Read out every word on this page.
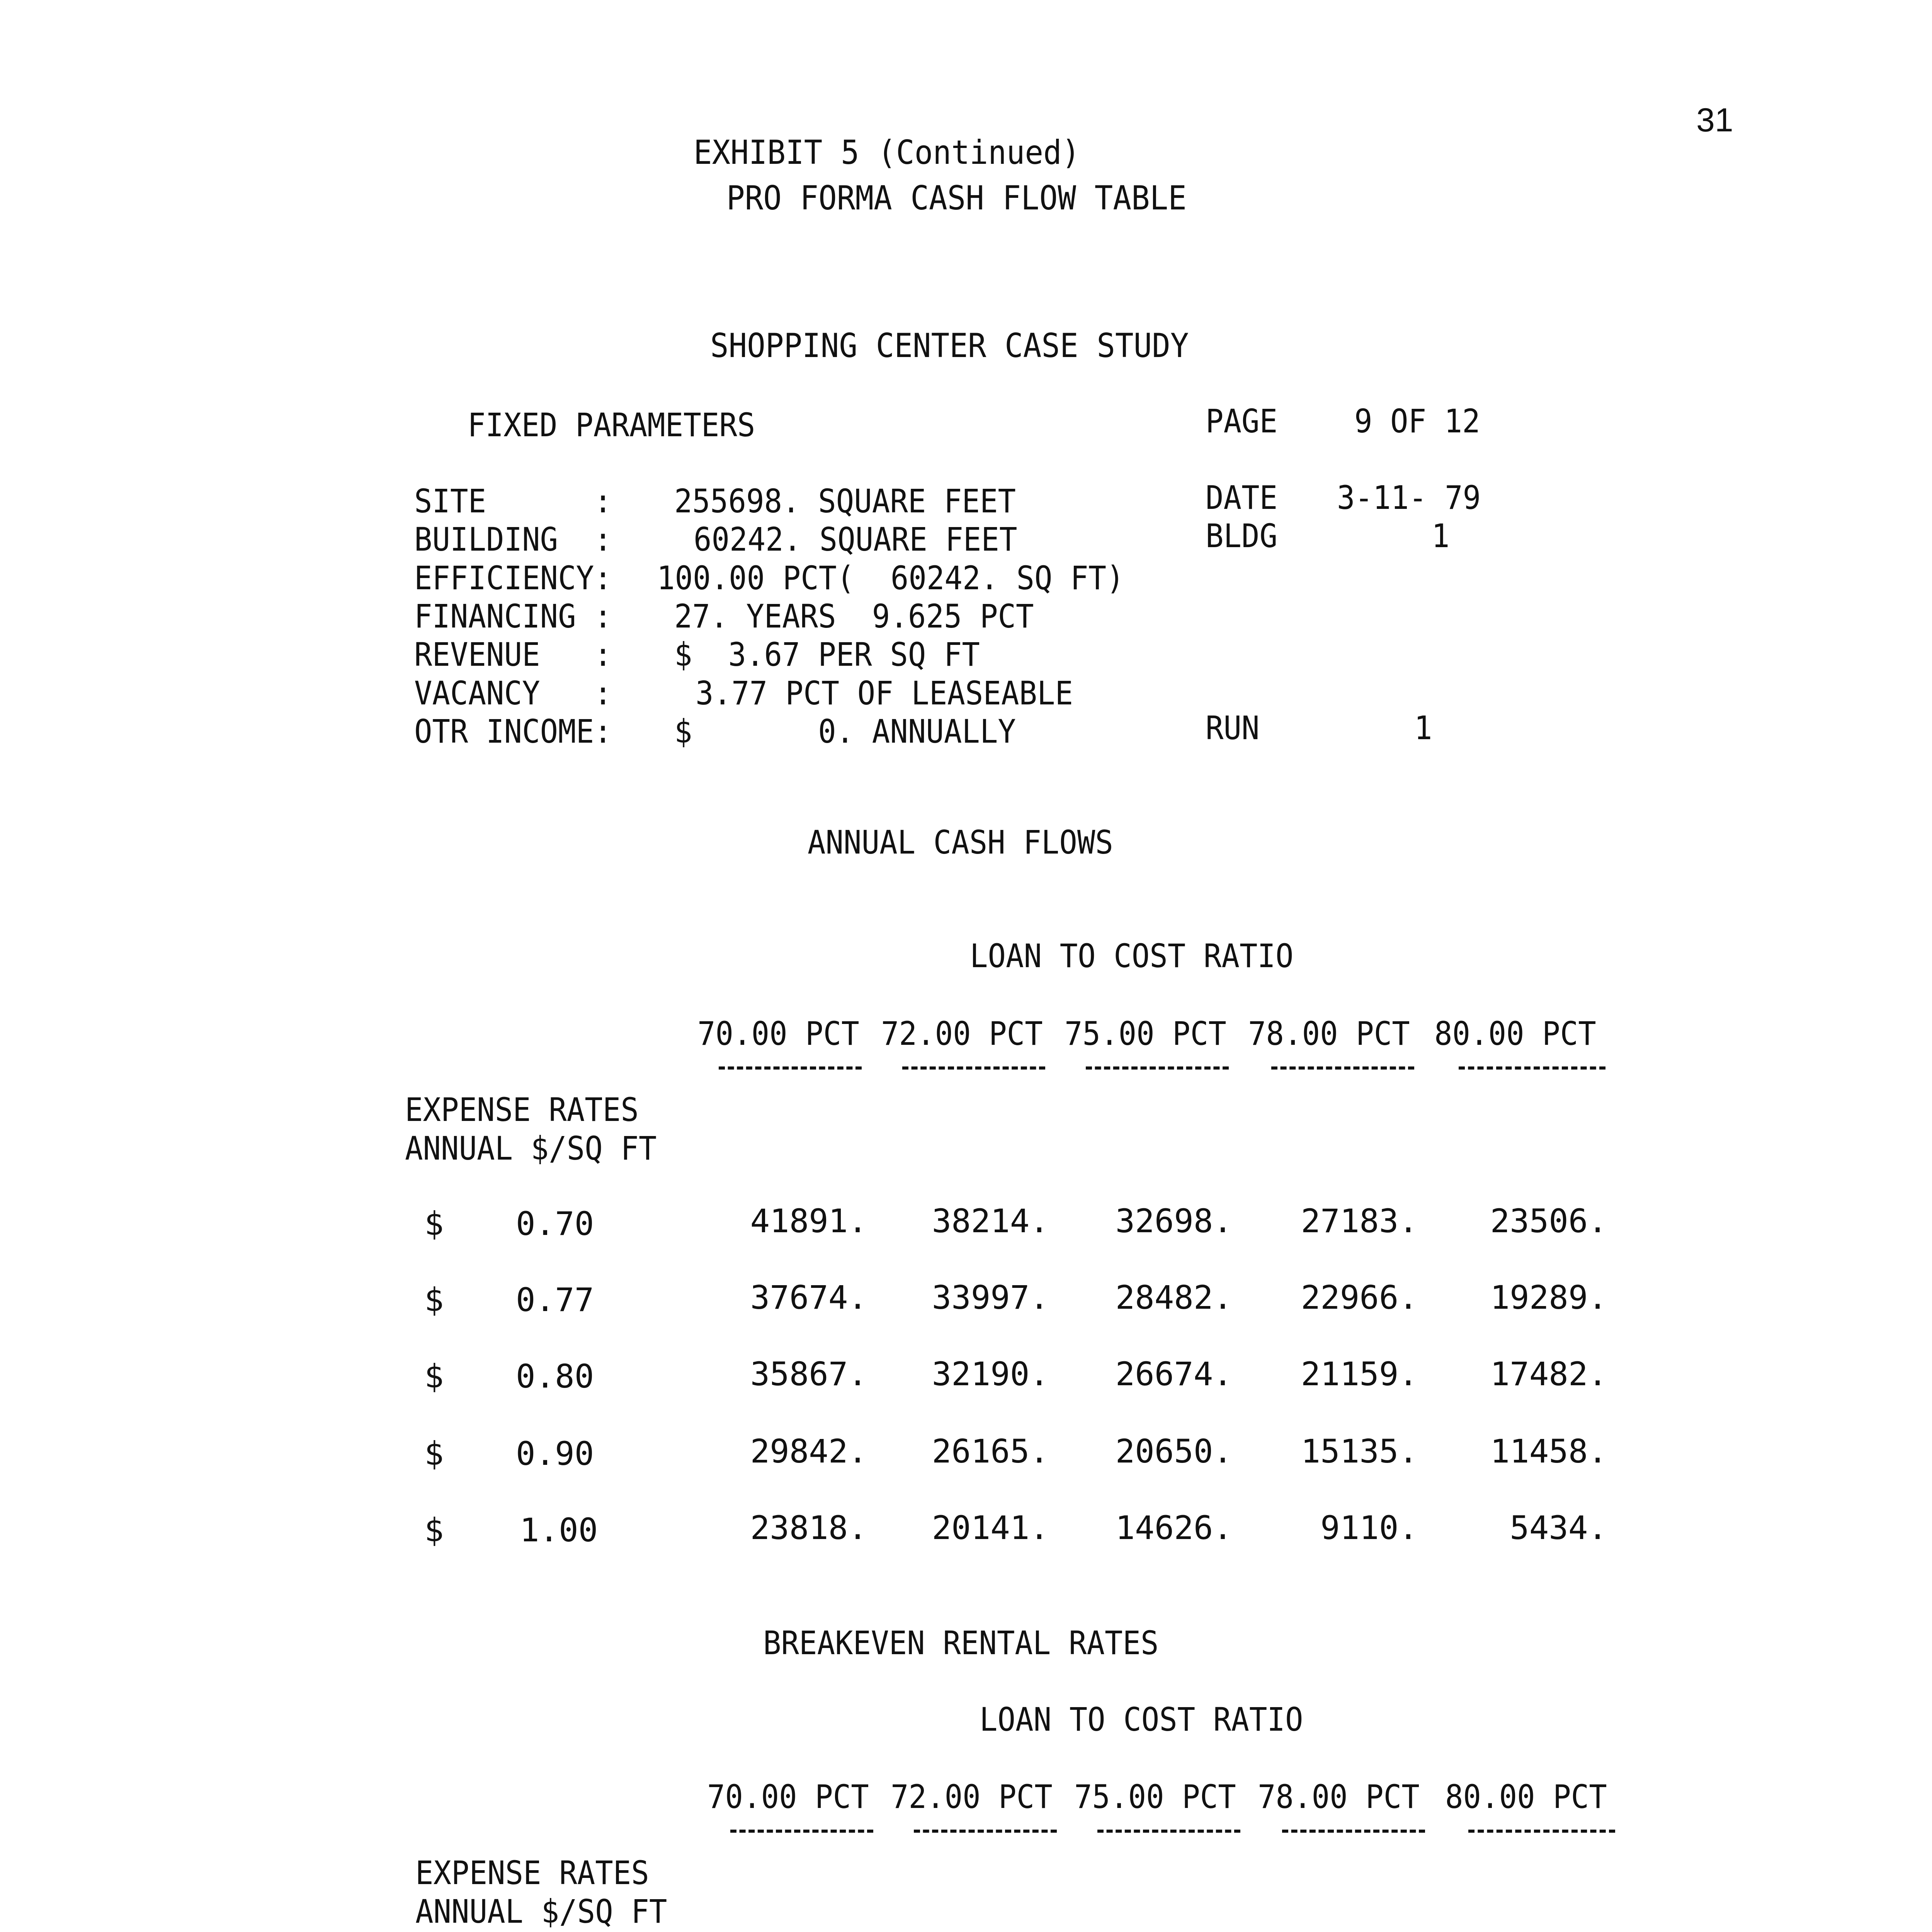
31
EXHIBIT 5 (Continued)
PRO FORMA CASH FLOW TABLE
SHOPPING CENTER CASE STUDY
FIXED PARAMETERS	PAGE 9 OF 12
SITE      : 255698. SQUARE FEET
BUILDING  :	60242. SQUARE FEET
EFFICIENCY: 100.00 PCT(  60242. SQ FT)
FINANCING : 27. YEARS  9.625 PCT
REVENUE   : $  3.67 PER SQ FT
VACANCY   :	3.77 PCT OF LEASEABLE
OTR INCOME: $       0. ANNUALLY
DATE 3-11- 79
BLDG	1
RUN	1
ANNUAL CASH FLOWS
LOAN TO COST RATIO
70.00 PCT 72.00 PCT 75.00 PCT 78.00 PCT 80.00 PCT
EXPENSE RATES
ANNUAL $/SQ FT
$ 0.70	41891.	38214.	32698.	27183.	23506.
$ 0.77	37674.	33997.	28482.	22966.	19289.
$ 0.80	35867.	32190.	26674.	21159.	17482.
$ 0.90	29842.	26165.	20650.	15135.	11458.
$ 1.00	23818.	20141.	14626.	9110.	5434.
BREAKEVEN RENTAL RATES
LOAN TO COST RATIO
70.00 PCT 72.00 PCT 75.00 PCT 78.00 PCT 80.00 PCT
EXPENSE RATES
ANNUAL $/SQ FT
